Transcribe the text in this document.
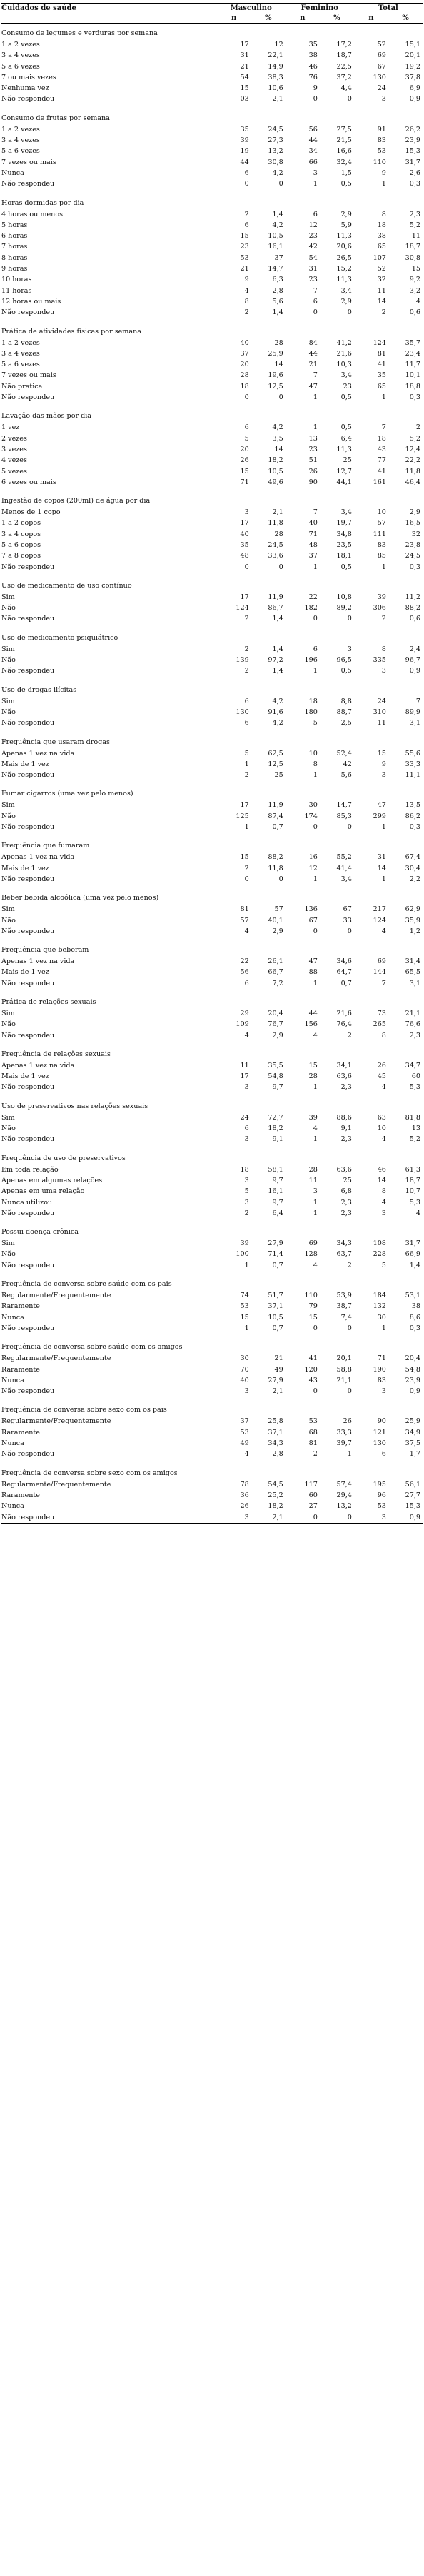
Cuidados de saúde	Masculino		Feminino		Total	
	n	%	n	%	n	%
Consumo de legumes e verduras por semana						
1 a 2 vezes	17	12	35	17,2	52	15,1
3 a 4 vezes	31	22,1	38	18,7	69	20,1
5 a 6 vezes	21	14,9	46	22,5	67	19,2
7 ou mais vezes	54	38,3	76	37,2	130	37,8
Nenhuma vez	15	10,6	9	4,4	24	6,9
Não respondeu	03	2,1	0	0	3	0,9
Consumo de frutas por semana						
1 a 2 vezes	35	24,5	56	27,5	91	26,2
3 a 4 vezes	39	27,3	44	21,5	83	23,9
5 a 6 vezes	19	13,2	34	16,6	53	15,3
7 vezes ou mais	44	30,8	66	32,4	110	31,7
Nunca	6	4,2	3	1,5	9	2,6
Não respondeu	0	0	1	0,5	1	0,3
Horas dormidas por dia						
4 horas ou menos	2	1,4	6	2,9	8	2,3
5 horas	6	4,2	12	5,9	18	5,2
6 horas	15	10,5	23	11,3	38	11
7 horas	23	16,1	42	20,6	65	18,7
8 horas	53	37	54	26,5	107	30,8
9 horas	21	14,7	31	15,2	52	15
10 horas	9	6,3	23	11,3	32	9,2
11 horas	4	2,8	7	3,4	11	3,2
12 horas ou mais	8	5,6	6	2,9	14	4
Não respondeu	2	1,4	0	0	2	0,6
Prática de atividades físicas por semana						
1 a 2 vezes	40	28	84	41,2	124	35,7
3 a 4 vezes	37	25,9	44	21,6	81	23,4
5 a 6 vezes	20	14	21	10,3	41	11,7
7 vezes ou mais	28	19,6	7	3,4	35	10,1
Não pratica	18	12,5	47	23	65	18,8
Não respondeu	0	0	1	0,5	1	0,3
Lavação das mãos por dia						
1 vez	6	4,2	1	0,5	7	2
2 vezes	5	3,5	13	6,4	18	5,2
3 vezes	20	14	23	11,3	43	12,4
4 vezes	26	18,2	51	25	77	22,2
5 vezes	15	10,5	26	12,7	41	11,8
6 vezes ou mais	71	49,6	90	44,1	161	46,4
Ingestão de copos (200ml) de água por dia						
Menos de 1 copo	3	2,1	7	3,4	10	2,9
1 a 2 copos	17	11,8	40	19,7	57	16,5
3 a 4 copos	40	28	71	34,8	111	32
5 a 6 copos	35	24,5	48	23,5	83	23,8
7 a 8 copos	48	33,6	37	18,1	85	24,5
Não respondeu	0	0	1	0,5	1	0,3
Uso de medicamento de uso contínuo						
Sim	17	11,9	22	10,8	39	11,2
Não	124	86,7	182	89,2	306	88,2
Não respondeu	2	1,4	0	0	2	0,6
Uso de medicamento psiquiátrico						
Sim	2	1,4	6	3	8	2,4
Não	139	97,2	196	96,5	335	96,7
Não respondeu	2	1,4	1	0,5	3	0,9
Uso de drogas ilícitas						
Sim	6	4,2	18	8,8	24	7
Não	130	91,6	180	88,7	310	89,9
Não respondeu	6	4,2	5	2,5	11	3,1
Frequência que usaram drogas						
Apenas 1 vez na vida	5	62,5	10	52,4	15	55,6
Mais de 1 vez	1	12,5	8	42	9	33,3
Não respondeu	2	25	1	5,6	3	11,1
Fumar cigarros (uma vez pelo menos)						
Sim	17	11,9	30	14,7	47	13,5
Não	125	87,4	174	85,3	299	86,2
Não respondeu	1	0,7	0	0	1	0,3
Frequência que fumaram						
Apenas 1 vez na vida	15	88,2	16	55,2	31	67,4
Mais de 1 vez	2	11,8	12	41,4	14	30,4
Não respondeu	0	0	1	3,4	1	2,2
Beber bebida alcoólica (uma vez pelo menos)						
Sim	81	57	136	67	217	62,9
Não	57	40,1	67	33	124	35,9
Não respondeu	4	2,9	0	0	4	1,2
Frequência que beberam						
Apenas 1 vez na vida	22	26,1	47	34,6	69	31,4
Mais de 1 vez	56	66,7	88	64,7	144	65,5
Não respondeu	6	7,2	1	0,7	7	3,1
Prática de relações sexuais						
Sim	29	20,4	44	21,6	73	21,1
Não	109	76,7	156	76,4	265	76,6
Não respondeu	4	2,9	4	2	8	2,3
Frequência de relações sexuais						
Apenas 1 vez na vida	11	35,5	15	34,1	26	34,7
Mais de 1 vez	17	54,8	28	63,6	45	60
Não respondeu	3	9,7	1	2,3	4	5,3
Uso de preservativos nas relações sexuais						
Sim	24	72,7	39	88,6	63	81,8
Não	6	18,2	4	9,1	10	13
Não respondeu	3	9,1	1	2,3	4	5,2
Frequência de uso de preservativos						
Em toda relação	18	58,1	28	63,6	46	61,3
Apenas em algumas relações	3	9,7	11	25	14	18,7
Apenas em uma relação	5	16,1	3	6,8	8	10,7
Nunca utilizou	3	9,7	1	2,3	4	5,3
Não respondeu	2	6,4	1	2,3	3	4
Possui doença crônica						
Sim	39	27,9	69	34,3	108	31,7
Não	100	71,4	128	63,7	228	66,9
Não respondeu	1	0,7	4	2	5	1,4
Frequência de conversa sobre saúde com os pais						
Regularmente/Frequentemente	74	51,7	110	53,9	184	53,1
Raramente	53	37,1	79	38,7	132	38
Nunca	15	10,5	15	7,4	30	8,6
Não respondeu	1	0,7	0	0	1	0,3
Frequência de conversa sobre saúde com os amigos						
Regularmente/Frequentemente	30	21	41	20,1	71	20,4
Raramente	70	49	120	58,8	190	54,8
Nunca	40	27,9	43	21,1	83	23,9
Não respondeu	3	2,1	0	0	3	0,9
Frequência de conversa sobre sexo com os pais						
Regularmente/Frequentemente	37	25,8	53	26	90	25,9
Raramente	53	37,1	68	33,3	121	34,9
Nunca	49	34,3	81	39,7	130	37,5
Não respondeu	4	2,8	2	1	6	1,7
Frequência de conversa sobre sexo com os amigos						
Regularmente/Frequentemente	78	54,5	117	57,4	195	56,1
Raramente	36	25,2	60	29,4	96	27,7
Nunca	26	18,2	27	13,2	53	15,3
Não respondeu	3	2,1	0	0	3	0,9
